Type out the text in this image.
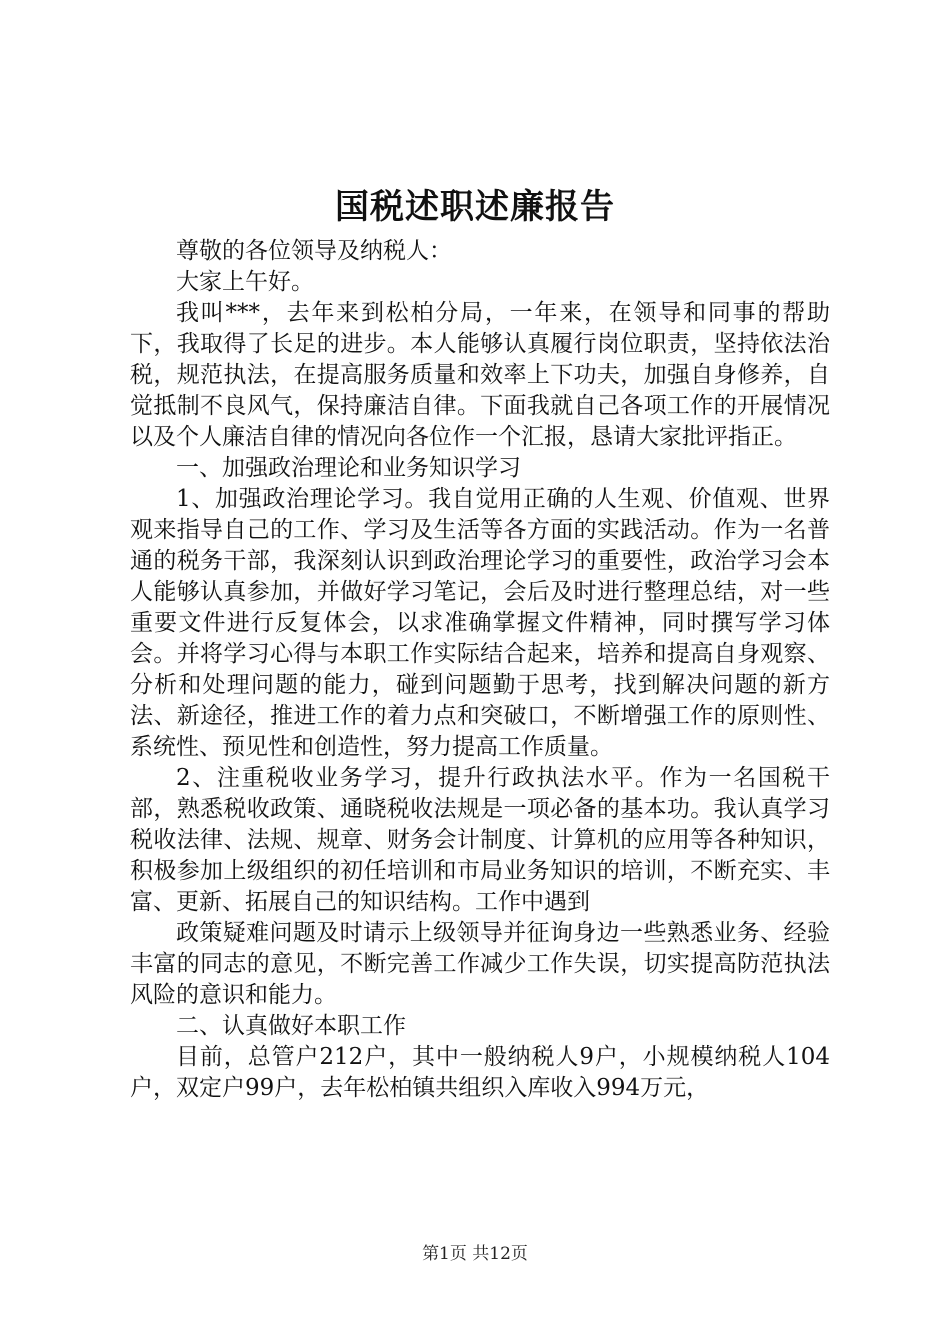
国税述职述廉报告

尊敬的各位领导及纳税人：

大家上午好。

我叫***，去年来到松柏分局，一年来，在领导和同事的帮助下，我取得了长足的进步。本人能够认真履行岗位职责，坚持依法治税，规范执法，在提高服务质量和效率上下功夫，加强自身修养，自觉抵制不良风气，保持廉洁自律。下面我就自己各项工作的开展情况以及个人廉洁自律的情况向各位作一个汇报，恳请大家批评指正。

一、加强政治理论和业务知识学习

1、加强政治理论学习。我自觉用正确的人生观、价值观、世界观来指导自己的工作、学习及生活等各方面的实践活动。作为一名普通的税务干部，我深刻认识到政治理论学习的重要性，政治学习会本人能够认真参加，并做好学习笔记，会后及时进行整理总结，对一些重要文件进行反复体会，以求准确掌握文件精神，同时撰写学习体会。并将学习心得与本职工作实际结合起来，培养和提高自身观察、分析和处理问题的能力，碰到问题勤于思考，找到解决问题的新方法、新途径，推进工作的着力点和突破口，不断增强工作的原则性、系统性、预见性和创造性，努力提高工作质量。

2、注重税收业务学习，提升行政执法水平。作为一名国税干部，熟悉税收政策、通晓税收法规是一项必备的基本功。我认真学习税收法律、法规、规章、财务会计制度、计算机的应用等各种知识，积极参加上级组织的初任培训和市局业务知识的培训，不断充实、丰富、更新、拓展自己的知识结构。工作中遇到

政策疑难问题及时请示上级领导并征询身边一些熟悉业务、经验丰富的同志的意见，不断完善工作减少工作失误，切实提高防范执法风险的意识和能力。

二、认真做好本职工作

目前，总管户212户，其中一般纳税人9户，小规模纳税人104户，双定户99户，去年松柏镇共组织入库收入994万元，

第1页 共12页
